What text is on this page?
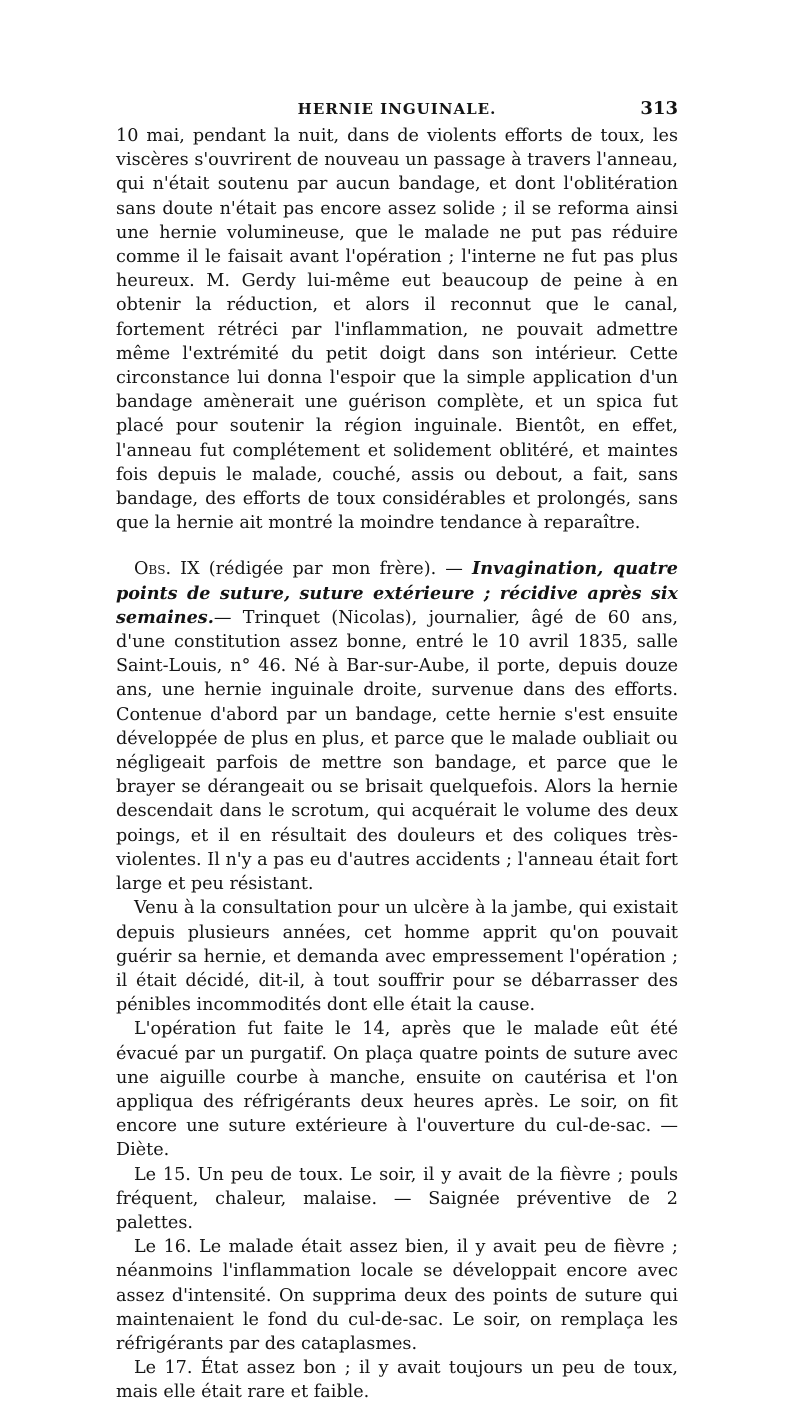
HERNIE INGUINALE.	313

10 mai, pendant la nuit, dans de violents efforts de toux, les viscères s'ouvrirent de nouveau un passage à travers l'anneau, qui n'était soutenu par aucun bandage, et dont l'oblitération sans doute n'était pas encore assez solide ; il se reforma ainsi une hernie volumineuse, que le malade ne put pas réduire comme il le faisait avant l'opération ; l'interne ne fut pas plus heureux. M. Gerdy lui-même eut beaucoup de peine à en obtenir la réduction, et alors il reconnut que le canal, fortement rétréci par l'inflammation, ne pouvait admettre même l'extrémité du petit doigt dans son intérieur. Cette circonstance lui donna l'espoir que la simple application d'un bandage amènerait une guérison complète, et un spica fut placé pour soutenir la région inguinale. Bientôt, en effet, l'anneau fut complétement et solidement oblitéré, et maintes fois depuis le malade, couché, assis ou debout, a fait, sans bandage, des efforts de toux considérables et prolongés, sans que la hernie ait montré la moindre tendance à reparaître.

Obs. IX (rédigée par mon frère). — Invagination, quatre points de suture, suture extérieure ; récidive après six semaines.— Trinquet (Nicolas), journalier, âgé de 60 ans, d'une constitution assez bonne, entré le 10 avril 1835, salle Saint-Louis, n° 46. Né à Bar-sur-Aube, il porte, depuis douze ans, une hernie inguinale droite, survenue dans des efforts. Contenue d'abord par un bandage, cette hernie s'est ensuite développée de plus en plus, et parce que le malade oubliait ou négligeait parfois de mettre son bandage, et parce que le brayer se dérangeait ou se brisait quelquefois. Alors la hernie descendait dans le scrotum, qui acquérait le volume des deux poings, et il en résultait des douleurs et des coliques très-violentes. Il n'y a pas eu d'autres accidents ; l'anneau était fort large et peu résistant.

Venu à la consultation pour un ulcère à la jambe, qui existait depuis plusieurs années, cet homme apprit qu'on pouvait guérir sa hernie, et demanda avec empressement l'opération ; il était décidé, dit-il, à tout souffrir pour se débarrasser des pénibles incommodités dont elle était la cause.

L'opération fut faite le 14, après que le malade eût été évacué par un purgatif. On plaça quatre points de suture avec une aiguille courbe à manche, ensuite on cautérisa et l'on appliqua des réfrigérants deux heures après. Le soir, on fit encore une suture extérieure à l'ouverture du cul-de-sac. — Diète.

Le 15. Un peu de toux. Le soir, il y avait de la fièvre ; pouls fréquent, chaleur, malaise. — Saignée préventive de 2 palettes.

Le 16. Le malade était assez bien, il y avait peu de fièvre ; néanmoins l'inflammation locale se développait encore avec assez d'intensité. On supprima deux des points de suture qui maintenaient le fond du cul-de-sac. Le soir, on remplaça les réfrigérants par des cataplasmes.

Le 17. État assez bon ; il y avait toujours un peu de toux, mais elle était rare et faible.
